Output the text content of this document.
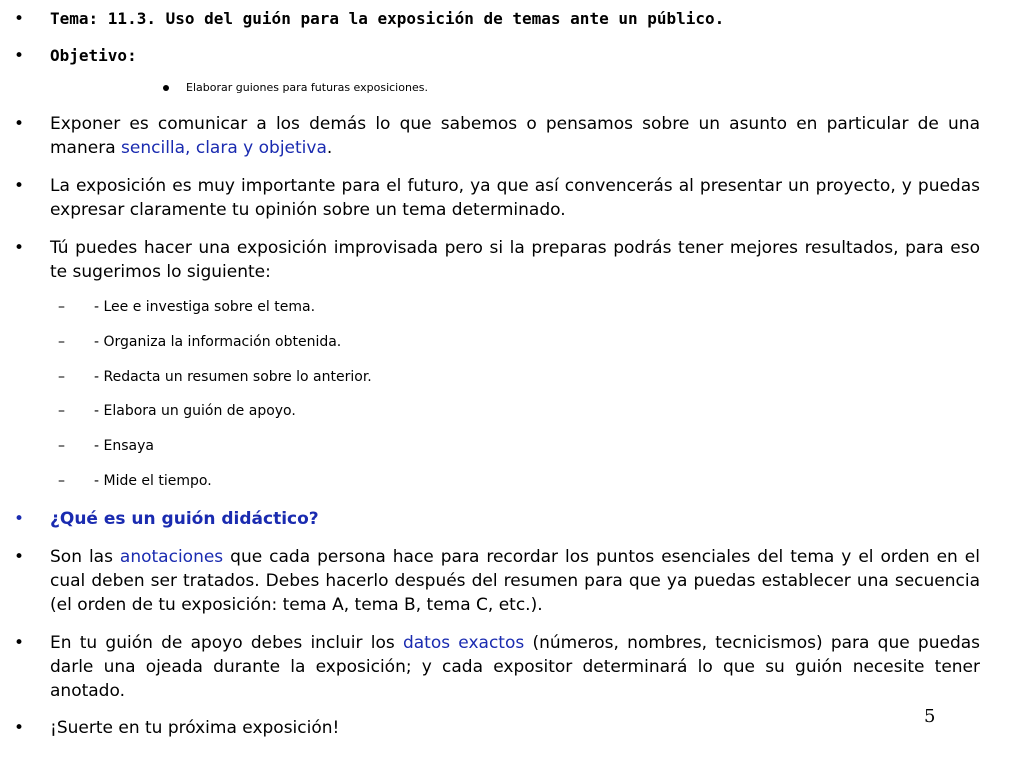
•	Tema: 11.3. Uso del guión para la exposición de temas ante un público.
•	Objetivo:
Elaborar guiones para futuras exposiciones.
•	Exponer es comunicar a los demás lo que sabemos o pensamos sobre un asunto en particular de una manera sencilla, clara y objetiva.
•	La exposición es muy importante para el futuro, ya que así convencerás al presentar un proyecto, y puedas expresar claramente tu opinión sobre un tema determinado.
•	Tú puedes hacer una exposición improvisada pero si la preparas podrás tener mejores resultados, para eso te sugerimos lo siguiente:
–	- Lee e investiga sobre el tema.
–	- Organiza la información obtenida.
–	- Redacta un resumen sobre lo anterior.
–	- Elabora un guión de apoyo.
–	- Ensaya
–	- Mide el tiempo.
•	¿Qué es un guión didáctico?
•	Son las anotaciones que cada persona hace para recordar los puntos esenciales del tema y el orden en el cual deben ser tratados. Debes hacerlo después del resumen para que ya puedas establecer una secuencia (el orden de tu exposición: tema A, tema B, tema C, etc.).
•	En tu guión de apoyo debes incluir los datos exactos (números, nombres, tecnicismos) para que puedas darle una ojeada durante la exposición; y cada expositor determinará lo que su guión necesite tener anotado.
•	¡Suerte en tu próxima exposición!
5
